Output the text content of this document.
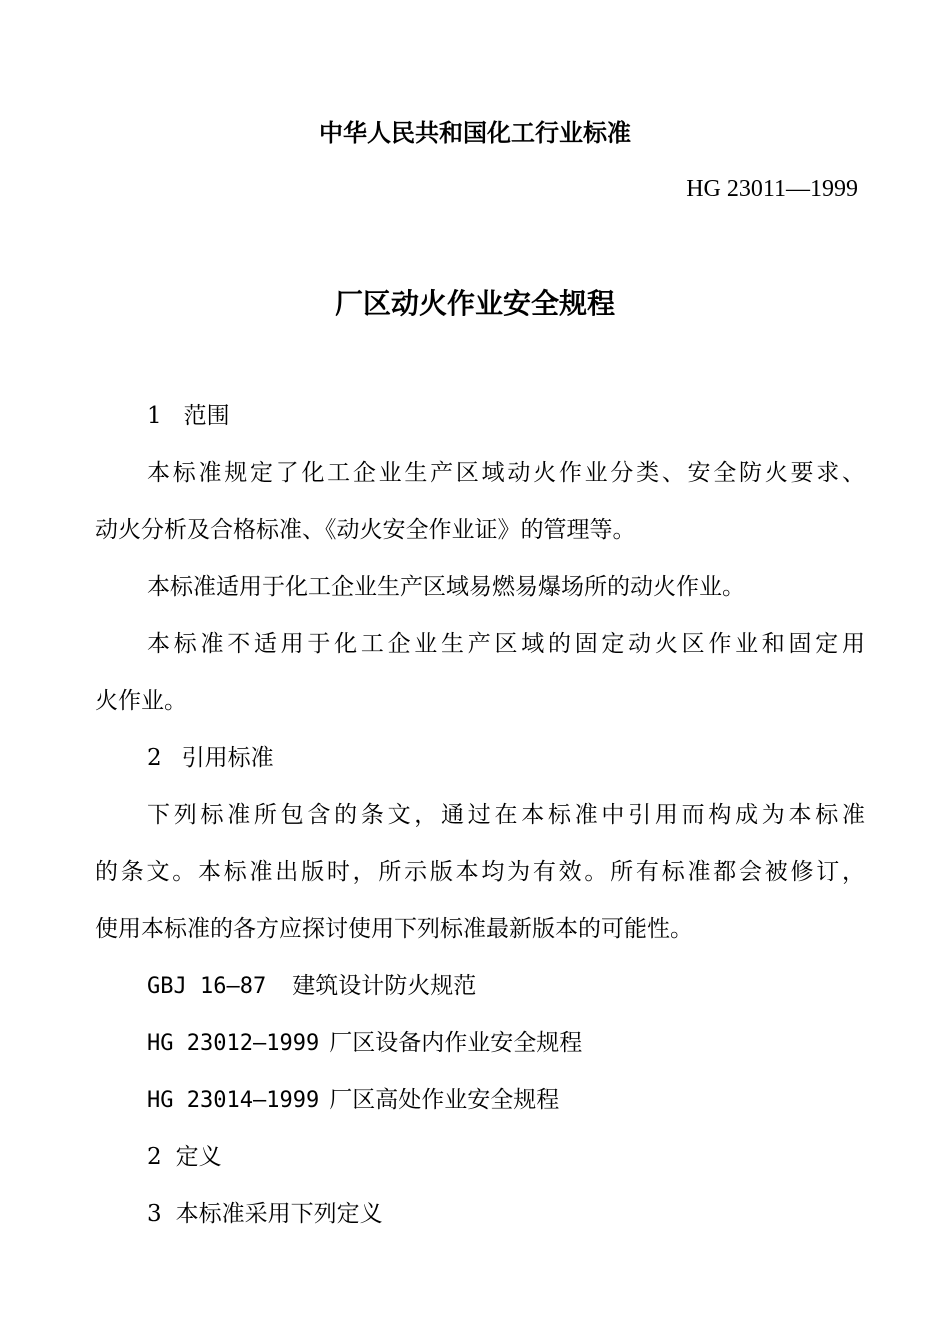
中华人民共和国化工行业标准
HG 23011—1999
厂区动火作业安全规程

1 范围

本标准规定了化工企业生产区域动火作业分类、安全防火要求、

动火分析及合格标准、《动火安全作业证》的管理等。

本标准适用于化工企业生产区域易燃易爆场所的动火作业。

本标准不适用于化工企业生产区域的固定动火区作业和固定用

火作业。

2 引用标准

下列标准所包含的条文，通过在本标准中引用而构成为本标准

的条文。本标准出版时，所示版本均为有效。所有标准都会被修订，

使用本标准的各方应探讨使用下列标准最新版本的可能性。

GBJ 16—87 建筑设计防火规范

HG 23012—1999 厂区设备内作业安全规程

HG 23014—1999 厂区高处作业安全规程

2 定义

3 本标准采用下列定义
